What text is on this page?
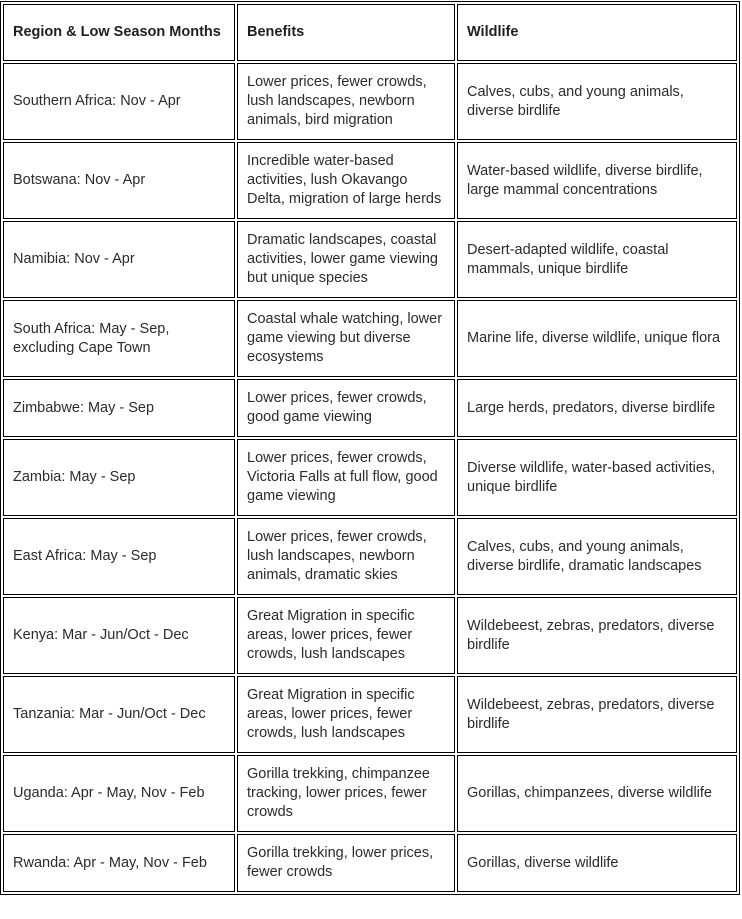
Region & Low Season Months	Benefits	Wildlife
Southern Africa: Nov - Apr	Lower prices, fewer crowds, lush landscapes, newborn animals, bird migration	Calves, cubs, and young animals, diverse birdlife
Botswana: Nov - Apr	Incredible water-based activities, lush Okavango Delta, migration of large herds	Water-based wildlife, diverse birdlife, large mammal concentrations
Namibia: Nov - Apr	Dramatic landscapes, coastal activities, lower game viewing but unique species	Desert-adapted wildlife, coastal mammals, unique birdlife
South Africa: May - Sep, excluding Cape Town	Coastal whale watching, lower game viewing but diverse ecosystems	Marine life, diverse wildlife, unique flora
Zimbabwe: May - Sep	Lower prices, fewer crowds, good game viewing	Large herds, predators, diverse birdlife
Zambia: May - Sep	Lower prices, fewer crowds, Victoria Falls at full flow, good game viewing	Diverse wildlife, water-based activities, unique birdlife
East Africa: May - Sep	Lower prices, fewer crowds, lush landscapes, newborn animals, dramatic skies	Calves, cubs, and young animals, diverse birdlife, dramatic landscapes
Kenya: Mar - Jun/Oct - Dec	Great Migration in specific areas, lower prices, fewer crowds, lush landscapes	Wildebeest, zebras, predators, diverse birdlife
Tanzania: Mar - Jun/Oct - Dec	Great Migration in specific areas, lower prices, fewer crowds, lush landscapes	Wildebeest, zebras, predators, diverse birdlife
Uganda: Apr - May, Nov - Feb	Gorilla trekking, chimpanzee tracking, lower prices, fewer crowds	Gorillas, chimpanzees, diverse wildlife
Rwanda: Apr - May, Nov - Feb	Gorilla trekking, lower prices, fewer crowds	Gorillas, diverse wildlife
